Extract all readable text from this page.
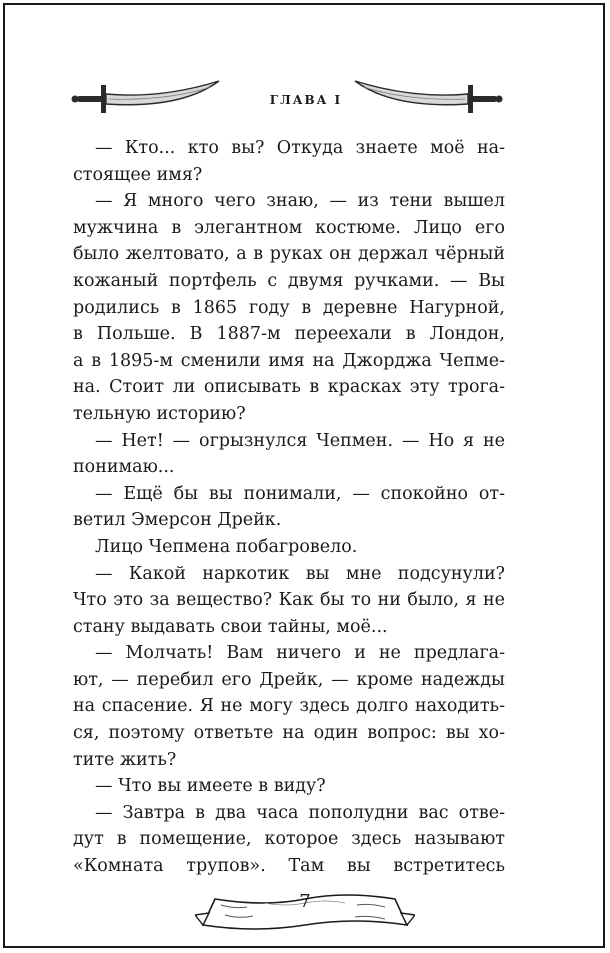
ГЛАВА I
— Кто... кто вы? Откуда знаете моё на-
стоящее имя?
— Я много чего знаю, — из тени вышел
мужчина в элегантном костюме. Лицо его
было желтовато, а в руках он держал чёрный
кожаный портфель с двумя ручками. — Вы
родились в 1865 году в деревне Нагурной,
в Польше. В 1887-м переехали в Лондон,
а в 1895-м сменили имя на Джорджа Чепме-
на. Стоит ли описывать в красках эту трога-
тельную историю?
— Нет! — огрызнулся Чепмен. — Но я не
понимаю...
— Ещё бы вы понимали, — спокойно от-
ветил Эмерсон Дрейк.
Лицо Чепмена побагровело.
— Какой наркотик вы мне подсунули?
Что это за вещество? Как бы то ни было, я не
стану выдавать свои тайны, моё...
— Молчать! Вам ничего и не предлага-
ют, — перебил его Дрейк, — кроме надежды
на спасение. Я не могу здесь долго находить-
ся, поэтому ответьте на один вопрос: вы хо-
тите жить?
— Что вы имеете в виду?
— Завтра в два часа пополудни вас отве-
дут в помещение, которое здесь называют
«Комната трупов». Там вы встретитесь
7
